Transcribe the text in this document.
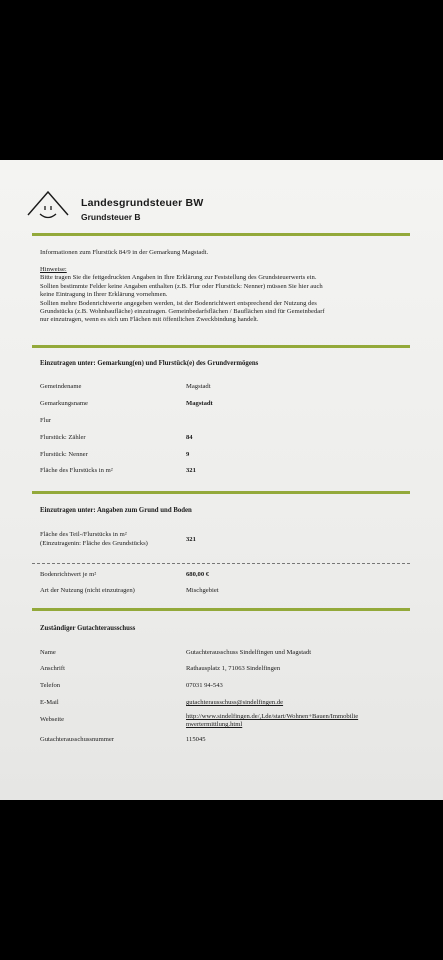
Landesgrundsteuer BW
Grundsteuer B
Informationen zum Flurstück 84/9 in der Gemarkung Magstadt.
Hinweise:
Bitte tragen Sie die fettgedruckten Angaben in Ihre Erklärung zur Feststellung des Grundsteuerwerts ein.
Sollten bestimmte Felder keine Angaben enthalten (z.B. Flur oder Flurstück: Nenner) müssen Sie hier auch
keine Eintragung in Ihrer Erklärung vornehmen.
Sollten mehre Bodenrichtwerte angegeben werden, ist der Bodenrichtwert entsprechend der Nutzung des
Grundstücks (z.B. Wohnbaufläche) einzutragen. Gemeinbedarfsflächen / Bauflächen sind für Gemeinbedarf
nur einzutragen, wenn es sich um Flächen mit öffentlichen Zweckbindung handelt.
Einzutragen unter: Gemarkung(en) und Flurstück(e) des Grundvermögens
Gemeindename	Magstadt
Gemarkungsname	Magstadt
Flur
Flurstück: Zähler	84
Flurstück: Nenner	9
Fläche des Flurstücks in m²	321
Einzutragen unter: Angaben zum Grund und Boden
Fläche des Teil-/Flurstücks in m²
(Einzutragenin: Fläche des Grundstücks)
321
Bodenrichtwert je m²	680,00 €
Art der Nutzung (nicht einzutragen)	Mischgebiet
Zuständiger Gutachterausschuss
Name	Gutachterausschuss Sindelfingen und Magstadt
Anschrift	Rathausplatz 1, 71063 Sindelfingen
Telefon	07031 94-543
E-Mail	gutachterausschuss@sindelfingen.de
Webseite	http://www.sindelfingen.de/,Lde/start/Wohnen+Bauen/Immobilie
nwertermittlung.html
Gutachterausschussnummer	115045
